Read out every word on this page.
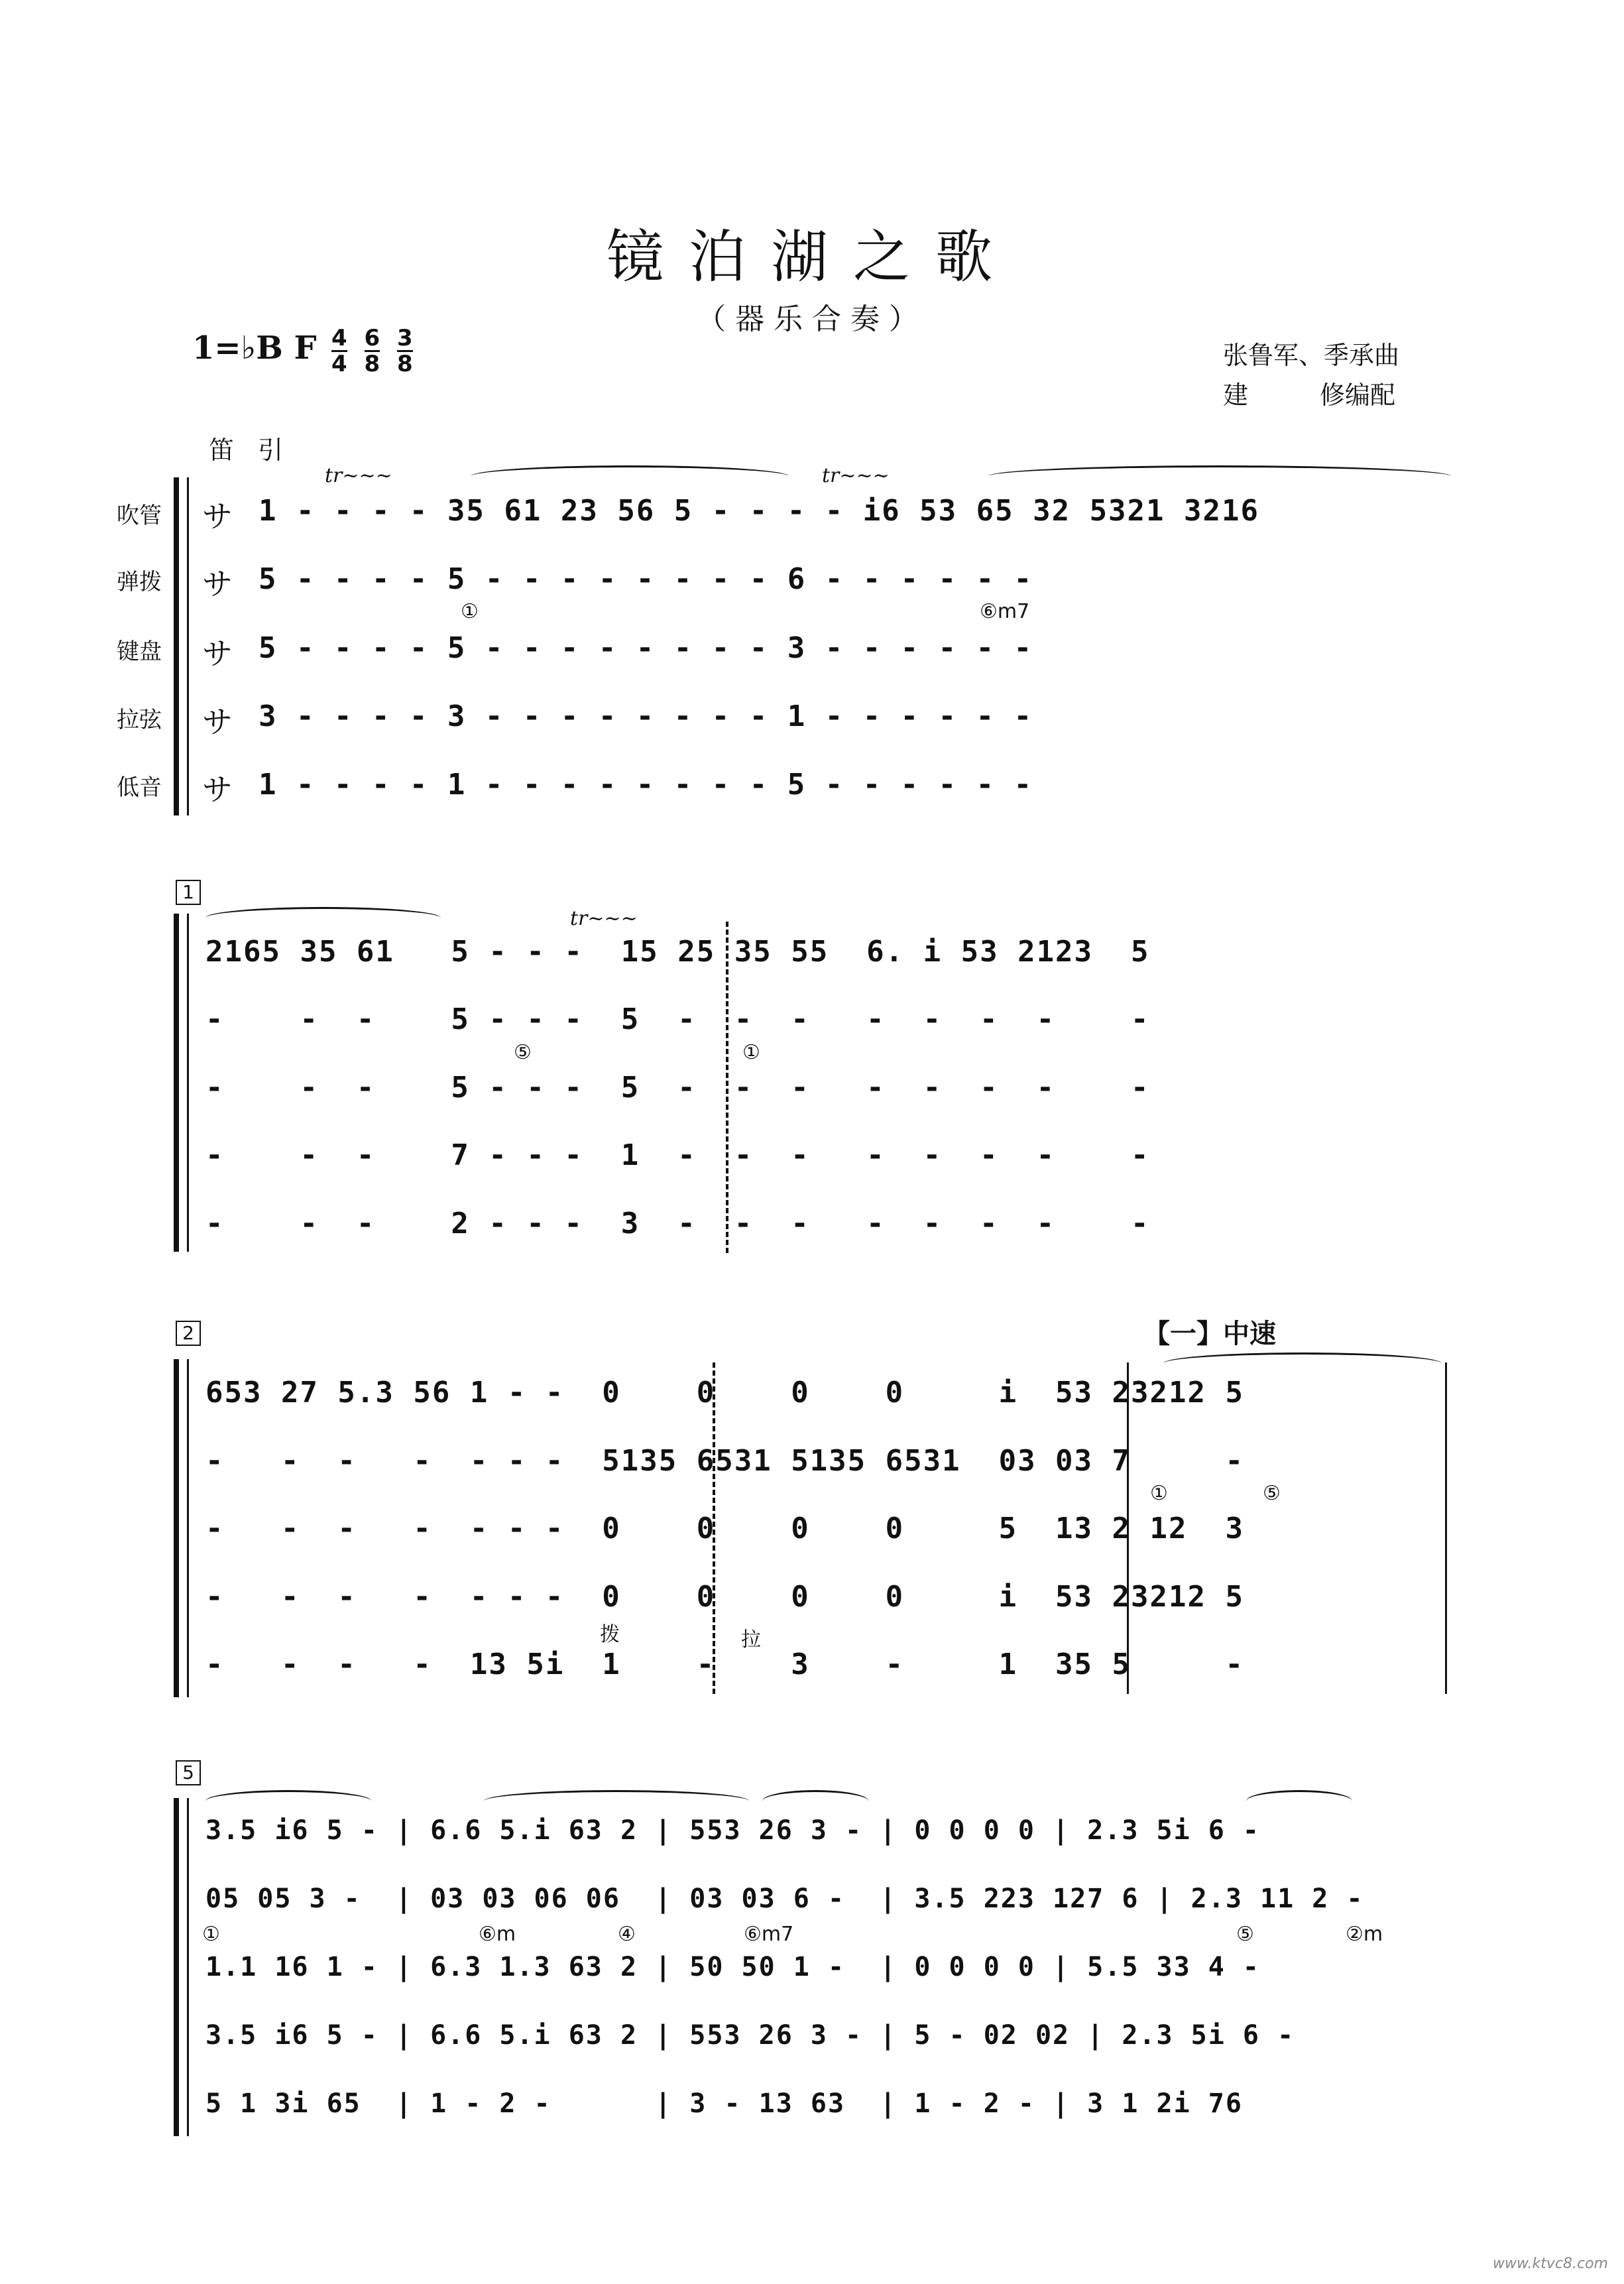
镜泊湖之歌
（器乐合奏）
1=♭B F $\frac{4}{4} \frac{6}{8} \frac{3}{8}$	张鲁军、季承曲
建	修编配
笛 引
tr~~~	tr~~~
吹管
弹拨
键盘
拉弦
低音
サ
サ
サ
サ
サ
1 - - - - 35 61 23 56 5 - - - - i6 53 65 32 5321 3216
5 - - - - 5 - - - - - - - - 6 - - - - - -
5 - - - - 5 - - - - - - - - 3 - - - - - -
3 - - - - 3 - - - - - - - - 1 - - - - - -
1 - - - - 1 - - - - - - - - 5 - - - - - -
①	⑥m7
1
tr~~~
2165 35 61   5 - - -  15 25 35 55  6. i 53 2123  5
-    -  -    5 - - -  5  -  -  -   -  -  -  -    -
-    -  -    5 - - -  5  -  -  -   -  -  -  -    -
-    -  -    7 - - -  1  -  -  -   -  -  -  -    -
-    -  -    2 - - -  3  -  -  -   -  -  -  -    -
⑤	①
2	【一】中速
653 27 5.3 56 1 - -  0    0    0    0     i  53 23212 5
-   -  -   -  - - -  5135 6531 5135 6531  03 03 7     -
-   -  -   -  - - -  0    0    0    0     5  13 2 12  3
-   -  -   -  - - -  0    0    0    0     i  53 23212 5
-   -  -   -  13 5i  1    -    3    -     1  35 5     -
①	⑤
拨	拉
5
3.5 i6 5 - | 6.6 5.i 63 2 | 553 26 3 - | 0 0 0 0 | 2.3 5i 6 -
05 05 3 -  | 03 03 06 06  | 03 03 6 -  | 3.5 223 127 6 | 2.3 11 2 -
1.1 16 1 - | 6.3 1.3 63 2 | 50 50 1 -  | 0 0 0 0 | 5.5 33 4 -
3.5 i6 5 - | 6.6 5.i 63 2 | 553 26 3 - | 5 - 02 02 | 2.3 5i 6 -
5 1 3i 65  | 1 - 2 -      | 3 - 13 63  | 1 - 2 - | 3 1 2i 76
①	⑥m	④	⑥m7	⑤	②m
www.ktvc8.com
